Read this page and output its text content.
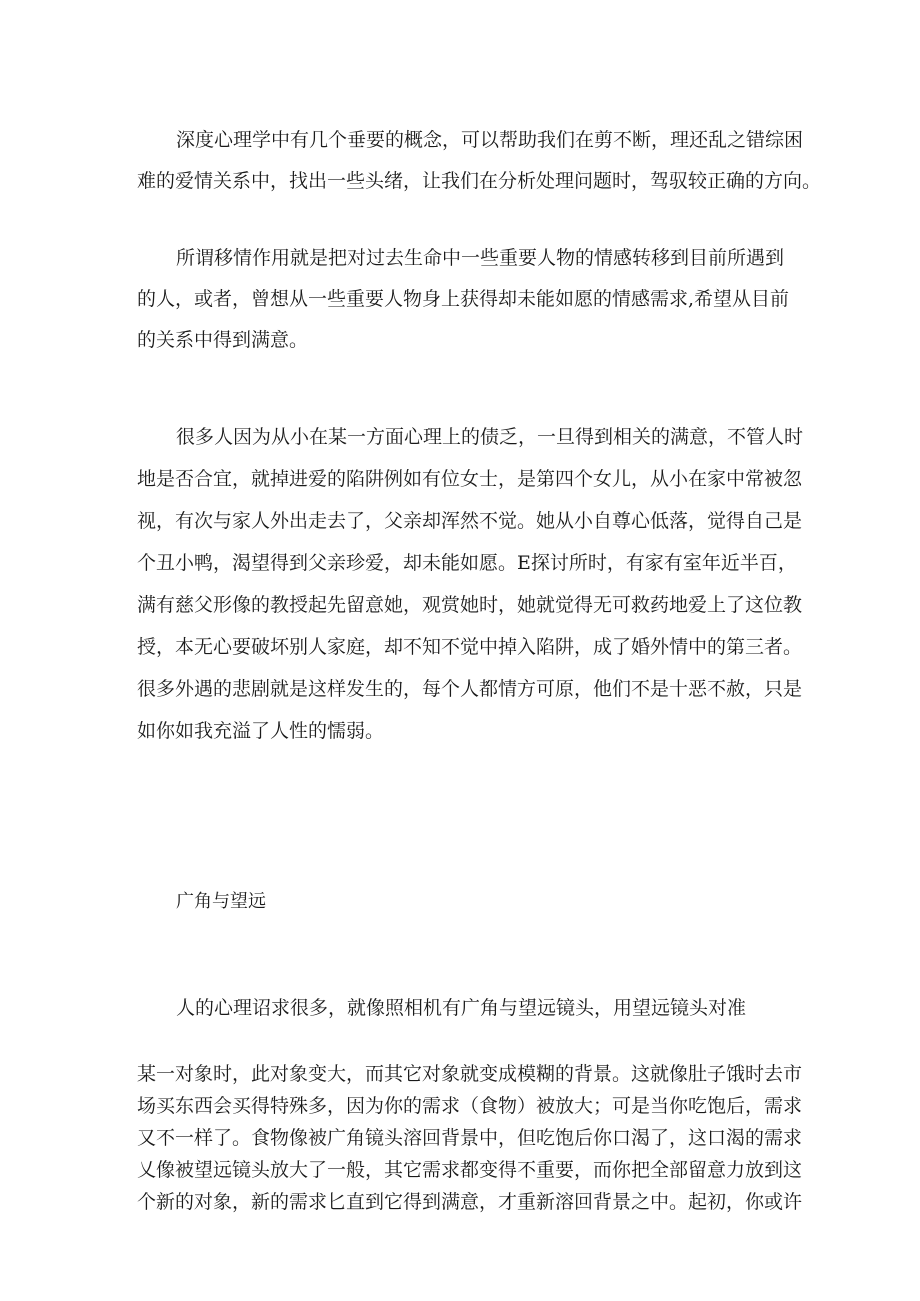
深度心理学中有几个垂要的概念，可以帮助我们在剪不断，理还乱之错综困
难的爱情关系中，找出一些头绪，让我们在分析处理问题时，驾驭较正确的方向。
所谓移情作用就是把对过去生命中一些重要人物的情感转移到目前所遇到
的人，或者，曾想从一些重要人物身上获得却未能如愿的情感需求,希望从目前
的关系中得到满意。
很多人因为从小在某一方面心理上的债乏，一旦得到相关的满意，不管人时
地是否合宜，就掉进爱的陷阱例如有位女士，是第四个女儿，从小在家中常被忽
视，有次与家人外出走去了，父亲却浑然不觉。她从小自尊心低落，觉得自己是
个丑小鸭，渴望得到父亲珍爱，却未能如愿。E探讨所时，有家有室年近半百，
满有慈父形像的教授起先留意她，观赏她时，她就觉得无可救药地爱上了这位教
授，本无心要破坏别人家庭，却不知不觉中掉入陷阱，成了婚外情中的第三者。
很多外遇的悲剧就是这样发生的，每个人都情方可原，他们不是十恶不赦，只是
如你如我充溢了人性的懦弱。
广角与望远
人的心理诏求很多，就像照相机有广角与望远镜头，用望远镜头对准
某一对象时，此对象变大，而其它对象就变成模糊的背景。这就像肚子饿时去市
场买东西会买得特殊多，因为你的需求（食物）被放大；可是当你吃饱后，需求
又不一样了。食物像被广角镜头溶回背景中，但吃饱后你口渴了，这口渴的需求
乂像被望远镜头放大了一般，其它需求都变得不重要，而你把全部留意力放到这
个新的对象，新的需求匕直到它得到满意，才重新溶回背景之中。起初，你或许
